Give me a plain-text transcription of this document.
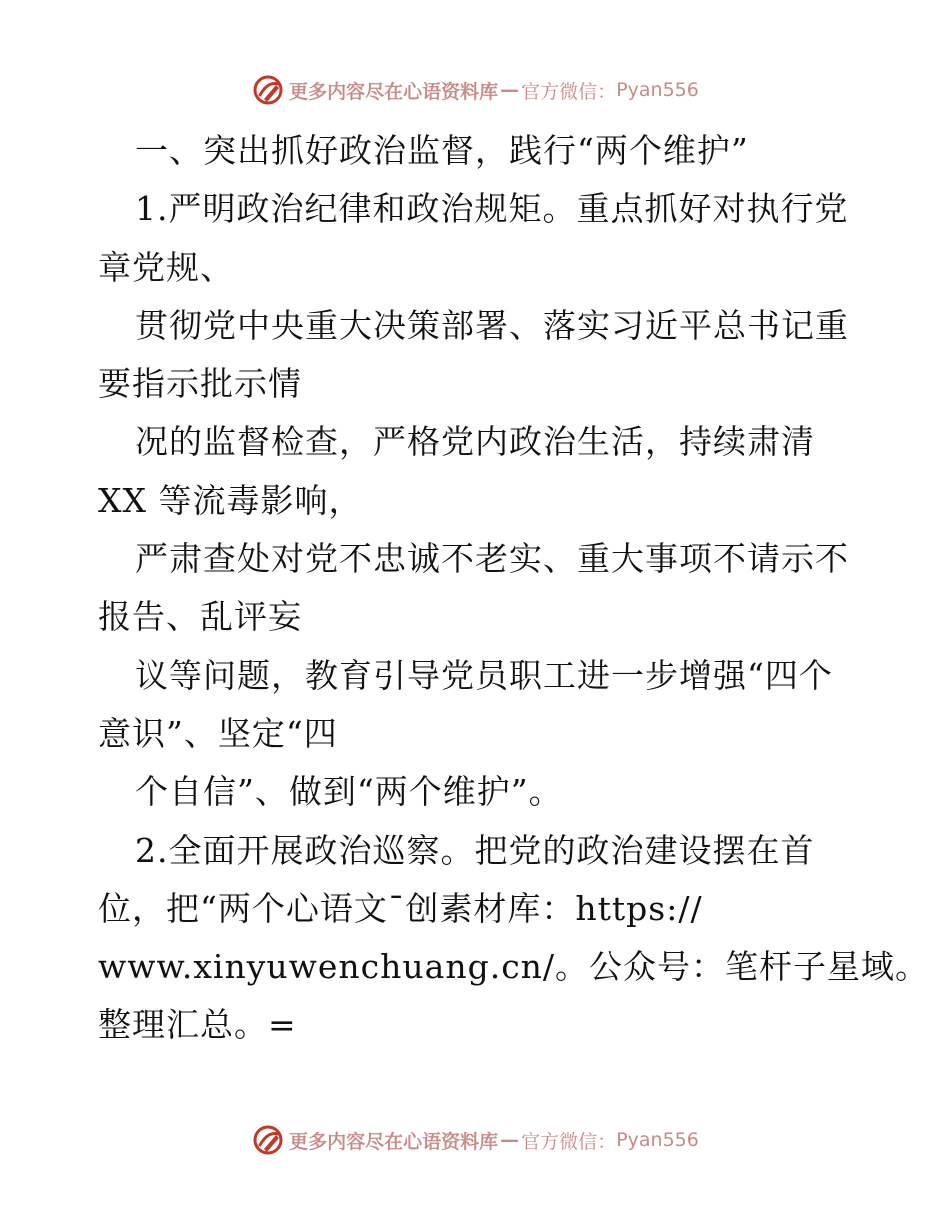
更多内容尽在心语资料库 — 官方微信： Pyan556
一、突出抓好政治监督，践行“两个维护”
1.严明政治纪律和政治规矩。重点抓好对执行党
章党规、
贯彻党中央重大决策部署、落实习近平总书记重
要指示批示情
况的监督检查，严格党内政治生活，持续肃清
XX 等流毒影响，
严肃查处对党不忠诚不老实、重大事项不请示不
报告、乱评妄
议等问题，教育引导党员职工进一步增强“四个
意识”、坚定“四
个自信”、做到“两个维护”。
2.全面开展政治巡察。把党的政治建设摆在首
位，把“两个心语文¯创素材库：https://
www.xinyuwenchuang.cn/。公众号：笔杆子星域。
整理汇总。=
更多内容尽在心语资料库 — 官方微信： Pyan556
